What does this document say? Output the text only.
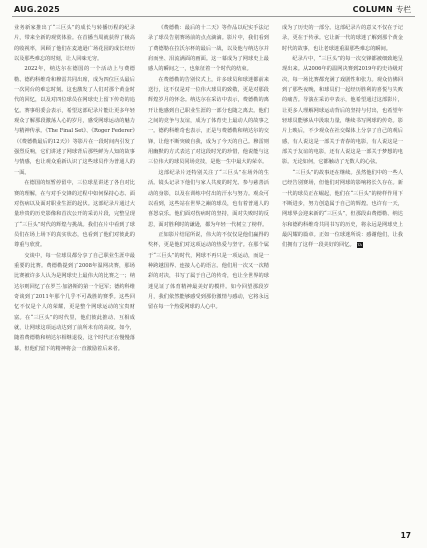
AUG.2025	COLUMN 专栏

业务新家推出了“三巨头”的成长与转播历程的纪录片，带来全新的观赏体验。在首播当周就获得了极高的收视率，回顾了他们在麦迪逊广场花园的成长经历以及那些难忘的时刻，让人回味无穷。

2022年，纳达尔在德国的一个活动上与费德勒、德约科维奇和穆雷共同出席，成为四位巨头最后一次同台的难忘时刻。这也激发了人们对那个黄金时代的回忆，以及对四位球员在网球史上留下传奇的追忆。赛事组委会表示，希望这部纪录片能让更多年轻观众了解那段激荡人心的岁月，感受网球运动的魅力与精神传承。《The Final Set》、《Roger Federer》（《费德勒最后的12天》）等影片在一段时间内引发了强烈反响，它们讲述了网球背后那些鲜为人知的故事与情感，也让观众重新认识了这些球员作为普通人的一面。

在德国的短暂停留中，三位球星讲述了各自对比赛的理解，在与对手交锋的过程中如何保持心态、面对伤病以及面对职业生涯的起伏。这部纪录片通过大量珍贵的历史影像和首次公开的采访片段，完整呈现了“三巨头”时代的辉煌与挑战。我们在片中看到了球员们在场上场下的真实状态，也看到了他们对彼此的尊重与欣赏。

交谈中，每一位球员都分享了自己职业生涯中最重要的比赛。费德勒提到了2008年温网决赛，那场比赛被许多人认为是网球史上最伟大的比赛之一；纳达尔则回忆了在罗兰·加洛斯的第一个冠军；德约科维奇谈到了2011年那个几乎不可战胜的赛季。这些回忆不仅是个人的荣耀，更是整个网球运动的宝贵财富。在“三巨头”的时代里，他们彼此推动、互相成就，让网球这项运动达到了前所未有的高度。如今，随着费德勒和纳达尔相继退役，这个时代正在慢慢落幕，但他们留下的精神将会一直激励着后来者。

《费德勒：最后的十二天》等作品以纪实手法记录了球员告别赛场前的点点滴滴。影片中，我们看到了费德勒在拉沃尔杯的最后一战，以及他与纳达尔并肩而坐、泪流满面的画面。这一幕成为了网球史上最感人的瞬间之一，也象征着一个时代的结束。

在费德勒的告别仪式上，许多球员和球迷都前来送行，这不仅是对一位伟大球员的致敬，更是对那段辉煌岁月的怀念。纳达尔在采访中表示，费德勒的离开让他感到自己职业生涯的一部分也随之离去。他们之间的竞争与友谊，成为了体育史上最动人的故事之一。德约科维奇也表示，正是与费德勒和纳达尔的交锋，让他不断突破自我，成为了今天的自己。穆雷则用幽默的方式表达了对这段时光的珍惜，他说能与这三位伟大的球员同场竞技，是他一生中最大的荣幸。

这部纪录片还特别关注了“三巨头”在场外的生活。镜头记录下他们与家人共度的时光、参与慈善活动的身影，以及在训练中付出的汗水与努力。观众可以看到，这些站在世界之巅的球员，也有着普通人的喜怒哀乐。他们面对伤病时的坚持，面对失败时的反思，面对胜利时的谦逊，都为年轻一代树立了榜样。

正如影片结尾所说，伟大的不仅仅是他们赢得的奖杯，更是他们对这项运动的热爱与坚守。在那个属于“三巨头”的时代，网球不再只是一项运动，而是一种跨越国界、连接人心的语言。他们用一次又一次精彩的对决，书写了属于自己的传奇，也让全世界的球迷见证了体育精神最美好的模样。如今回望那段岁月，我们依然能够感受到那份激情与感动，它将永远留在每一个热爱网球的人心中。

成为了历史的一部分。这部纪录片的意义不仅在于记录，更在于传承。它让新一代的球迷了解到那个黄金时代的故事，也让老球迷重温那些难忘的瞬间。

纪录片中，“三巨头”的每一次交锋都被细致地呈现出来。从2006年的温网决赛到2019年的史诗级对决，每一场比赛都充满了戏剧性和张力。观众仿佛回到了那些夜晚，和球员们一起经历胜利的喜悦与失败的痛苦。导演在采访中表示，他希望通过这部影片，让更多人理解网球运动背后的坚持与付出，也希望年轻球员能够从中汲取力量，继续书写网球的传奇。影片上映后，不少观众在社交媒体上分享了自己的观后感，有人说这是一部关于青春的电影，有人说这是一部关于友谊的电影，还有人说这是一部关于梦想的电影。无论如何，它都触动了无数人的心弦。

“三巨头”的故事还在继续。虽然他们中的一些人已经告别赛场，但他们对网球的影响将长久存在。新一代的球员正在崛起，他们在“三巨头”的榜样作用下不断进步，努力创造属于自己的辉煌。也许有一天，网球界会迎来新的“三巨头”，但那段由费德勒、纳达尔和德约科维奇共同书写的历史，将永远是网球史上最闪耀的篇章。正如一位球迷所说：感谢他们，让我们拥有了这样一段美好的回忆。 TA

17
